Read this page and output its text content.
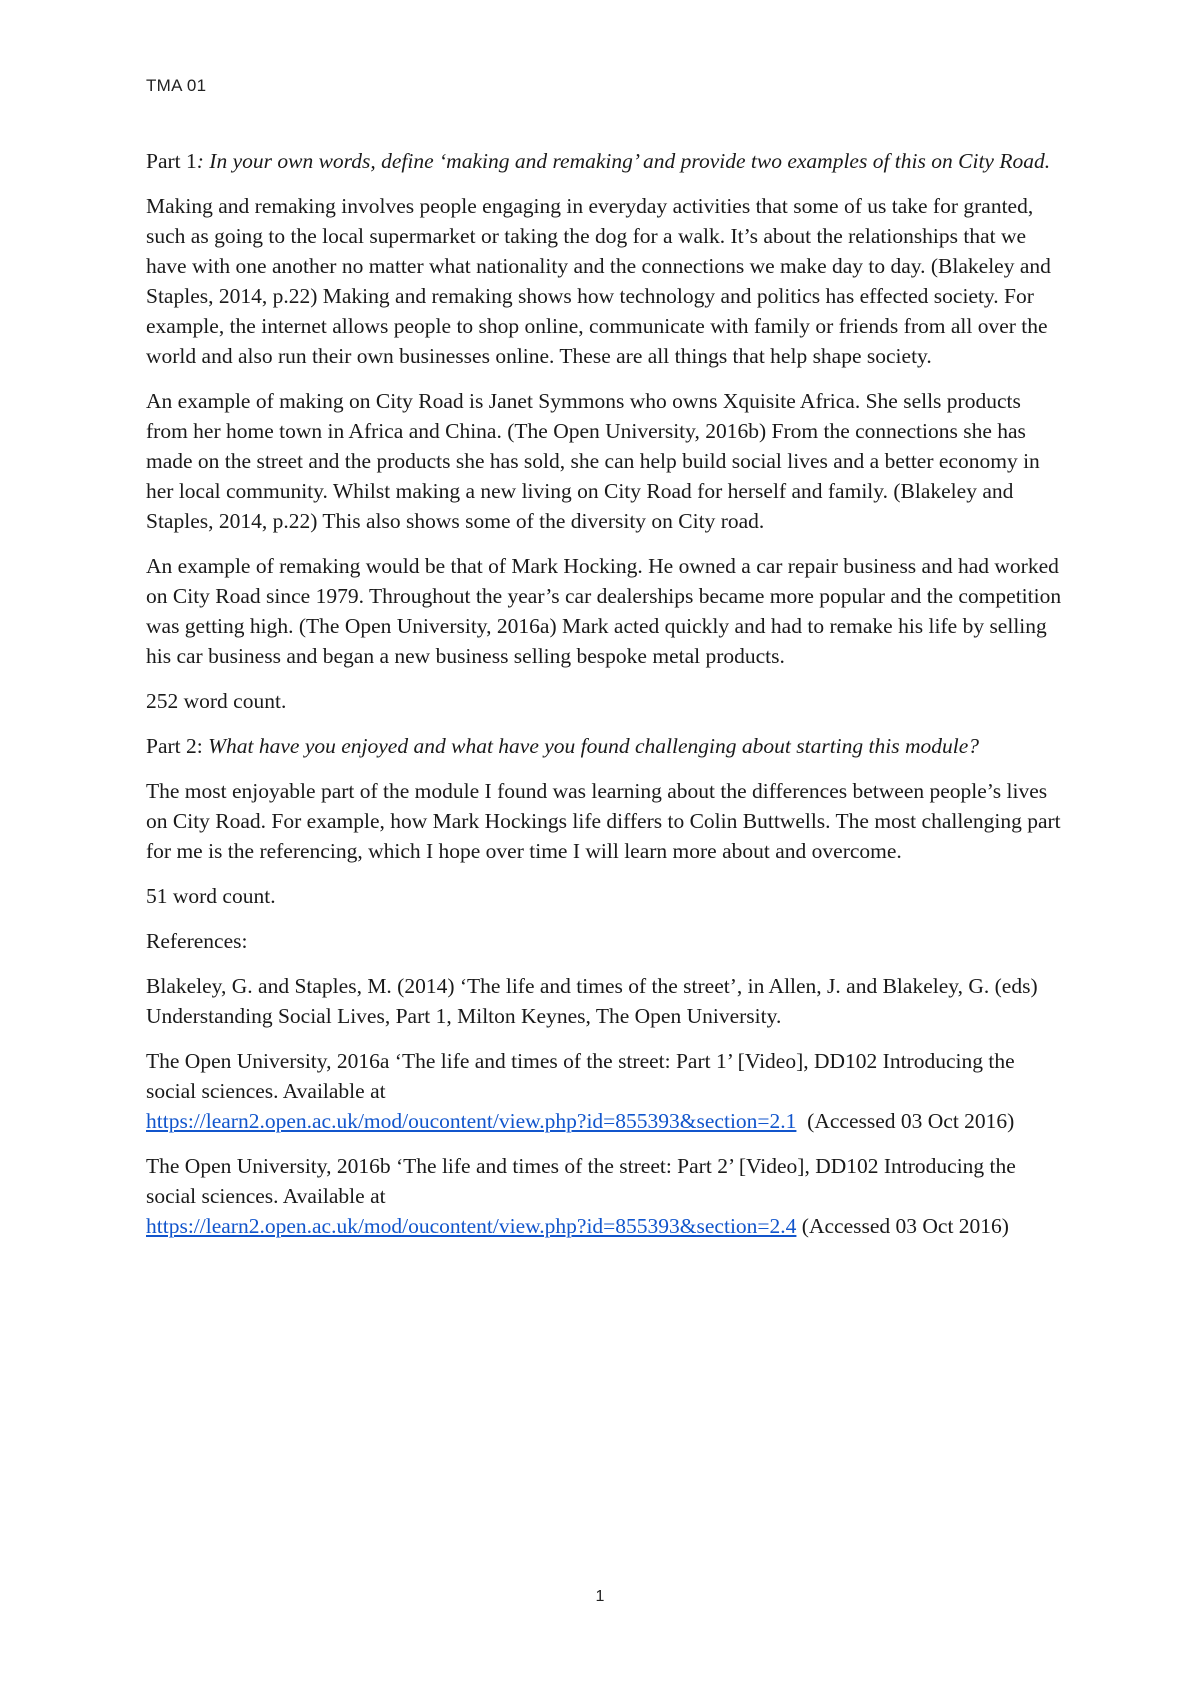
TMA 01

Part 1: In your own words, define ‘making and remaking’ and provide two examples of this on City Road.

Making and remaking involves people engaging in everyday activities that some of us take for granted, such as going to the local supermarket or taking the dog for a walk. It’s about the relationships that we have with one another no matter what nationality and the connections we make day to day. (Blakeley and Staples, 2014, p.22) Making and remaking shows how technology and politics has effected society. For example, the internet allows people to shop online, communicate with family or friends from all over the world and also run their own businesses online. These are all things that help shape society.

An example of making on City Road is Janet Symmons who owns Xquisite Africa. She sells products from her home town in Africa and China. (The Open University, 2016b) From the connections she has made on the street and the products she has sold, she can help build social lives and a better economy in her local community. Whilst making a new living on City Road for herself and family. (Blakeley and Staples, 2014, p.22) This also shows some of the diversity on City road.

An example of remaking would be that of Mark Hocking. He owned a car repair business and had worked on City Road since 1979. Throughout the year’s car dealerships became more popular and the competition was getting high. (The Open University, 2016a) Mark acted quickly and had to remake his life by selling his car business and began a new business selling bespoke metal products.

252 word count.

Part 2: What have you enjoyed and what have you found challenging about starting this module?

The most enjoyable part of the module I found was learning about the differences between people’s lives on City Road. For example, how Mark Hockings life differs to Colin Buttwells. The most challenging part for me is the referencing, which I hope over time I will learn more about and overcome.

51 word count.

References:

Blakeley, G. and Staples, M. (2014) ‘The life and times of the street’, in Allen, J. and Blakeley, G. (eds) Understanding Social Lives, Part 1, Milton Keynes, The Open University.

The Open University, 2016a ‘The life and times of the street: Part 1’ [Video], DD102 Introducing the social sciences. Available at
https://learn2.open.ac.uk/mod/oucontent/view.php?id=855393&section=2.1  (Accessed 03 Oct 2016)

The Open University, 2016b ‘The life and times of the street: Part 2’ [Video], DD102 Introducing the social sciences. Available at
https://learn2.open.ac.uk/mod/oucontent/view.php?id=855393&section=2.4 (Accessed 03 Oct 2016)

1
